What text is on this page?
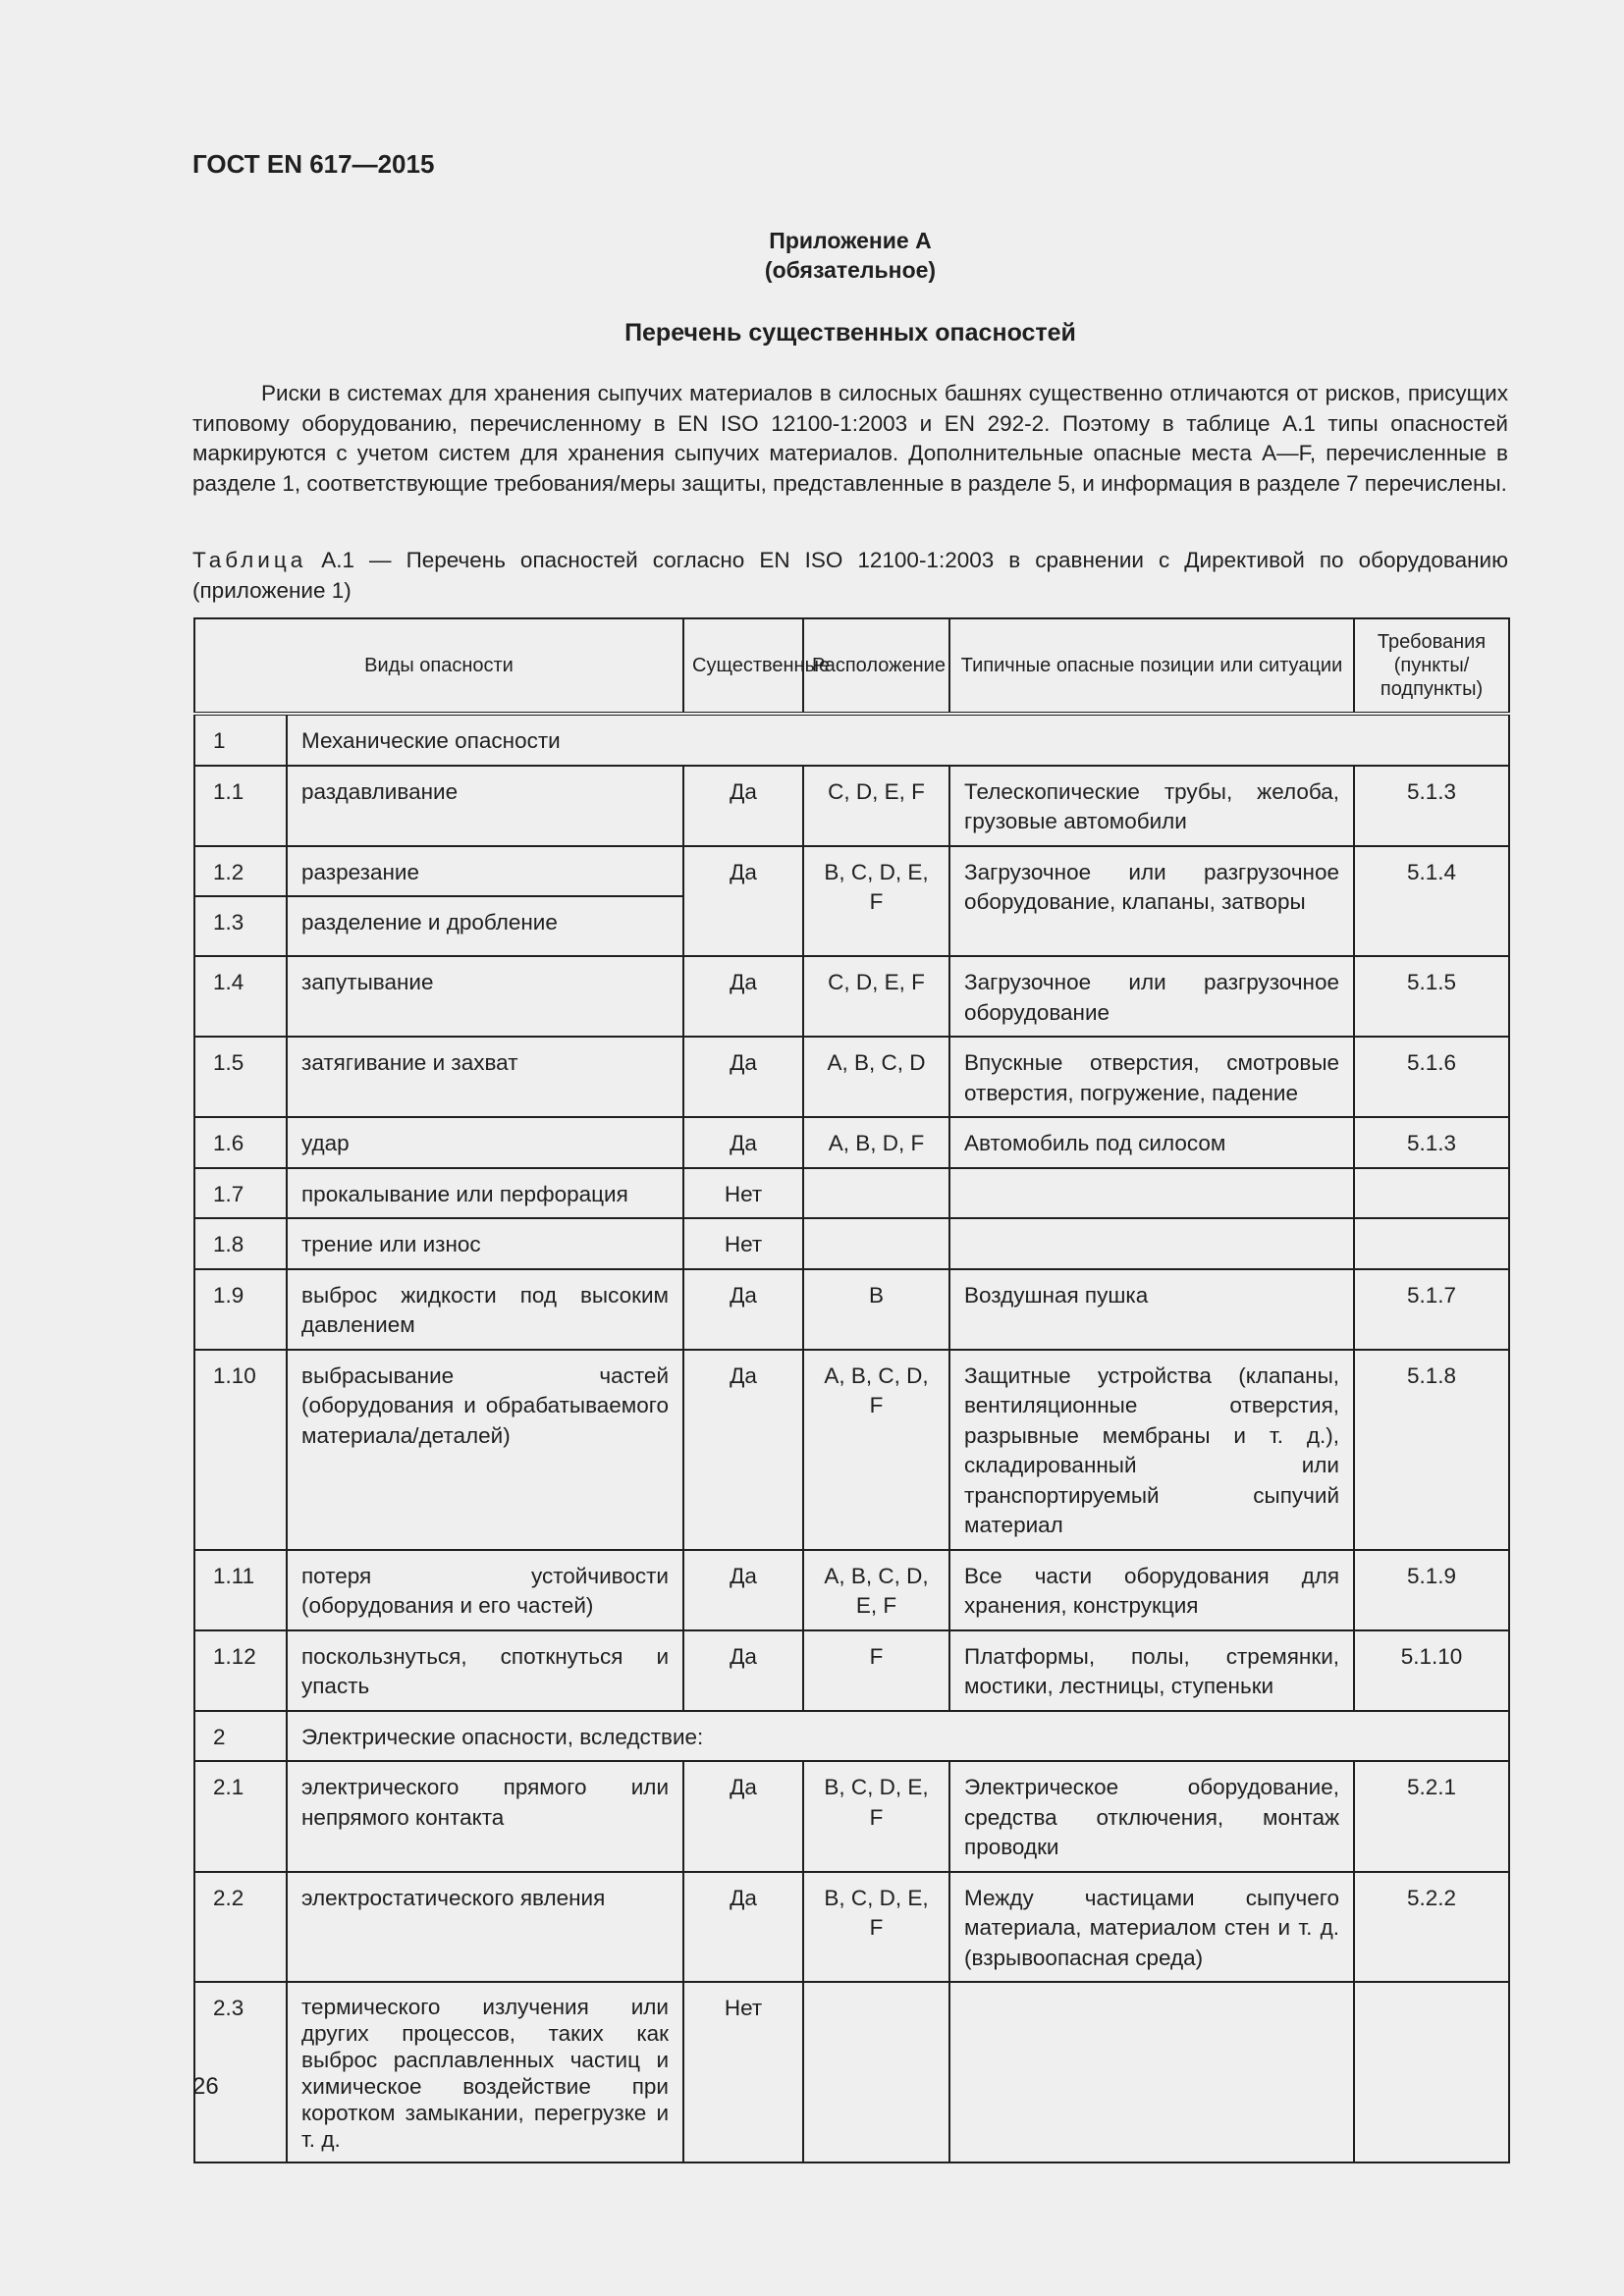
ГОСТ EN 617—2015
Приложение А
(обязательное)
Перечень существенных опасностей

Риски в системах для хранения сыпучих материалов в силосных башнях существенно отличаются от рисков, присущих типовому оборудованию, перечисленному в EN ISO 12100-1:2003 и EN 292-2. Поэтому в таблице А.1 типы опасностей маркируются с учетом систем для хранения сыпучих материалов. Дополнительные опасные места A—F, перечисленные в разделе 1, соответствующие требования/меры защиты, представленные в разделе 5, и информация в разделе 7 перечислены.

Таблица А.1 — Перечень опасностей согласно EN ISO 12100-1:2003 в сравнении с Директивой по оборудованию (приложение 1)

Виды опасности		Существенные	Расположение	Типичные опасные позиции или ситуации	Требования (пункты/ подпункты)
1	Механические опасности				
1.1	раздавливание	Да	C, D, E, F	Телескопические трубы, желоба, грузовые автомобили	5.1.3
1.2	разрезание	Да	B, C, D, E, F	Загрузочное или разгрузочное оборудование, клапаны, затворы	5.1.4
1.3	разделение и дробление				
1.4	запутывание	Да	C, D, E, F	Загрузочное или разгрузочное оборудование	5.1.5
1.5	затягивание и захват	Да	A, B, C, D	Впускные отверстия, смотровые отверстия, погружение, падение	5.1.6
1.6	удар	Да	A, B, D, F	Автомобиль под силосом	5.1.3
1.7	прокалывание или перфорация	Нет			
1.8	трение или износ	Нет			
1.9	выброс жидкости под высоким давлением	Да	B	Воздушная пушка	5.1.7
1.10	выбрасывание частей (оборудования и обрабатываемого материала/деталей)	Да	A, B, C, D, F	Защитные устройства (клапаны, вентиляционные отверстия, разрывные мембраны и т. д.), складированный или транспортируемый сыпучий материал	5.1.8
1.11	потеря устойчивости (оборудования и его частей)	Да	A, B, C, D, E, F	Все части оборудования для хранения, конструкция	5.1.9
1.12	поскользнуться, споткнуться и упасть	Да	F	Платформы, полы, стремянки, мостики, лестницы, ступеньки	5.1.10
2	Электрические опасности, вследствие:				
2.1	электрического прямого или непрямого контакта	Да	B, C, D, E, F	Электрическое оборудование, средства отключения, монтаж проводки	5.2.1
2.2	электростатического явления	Да	B, C, D, E, F	Между частицами сыпучего материала, материалом стен и т. д. (взрывоопасная среда)	5.2.2
2.3	термического излучения или других процессов, таких как выброс расплавленных частиц и химическое воздействие при коротком замыкании, перегрузке и т. д.	Нет			
26
